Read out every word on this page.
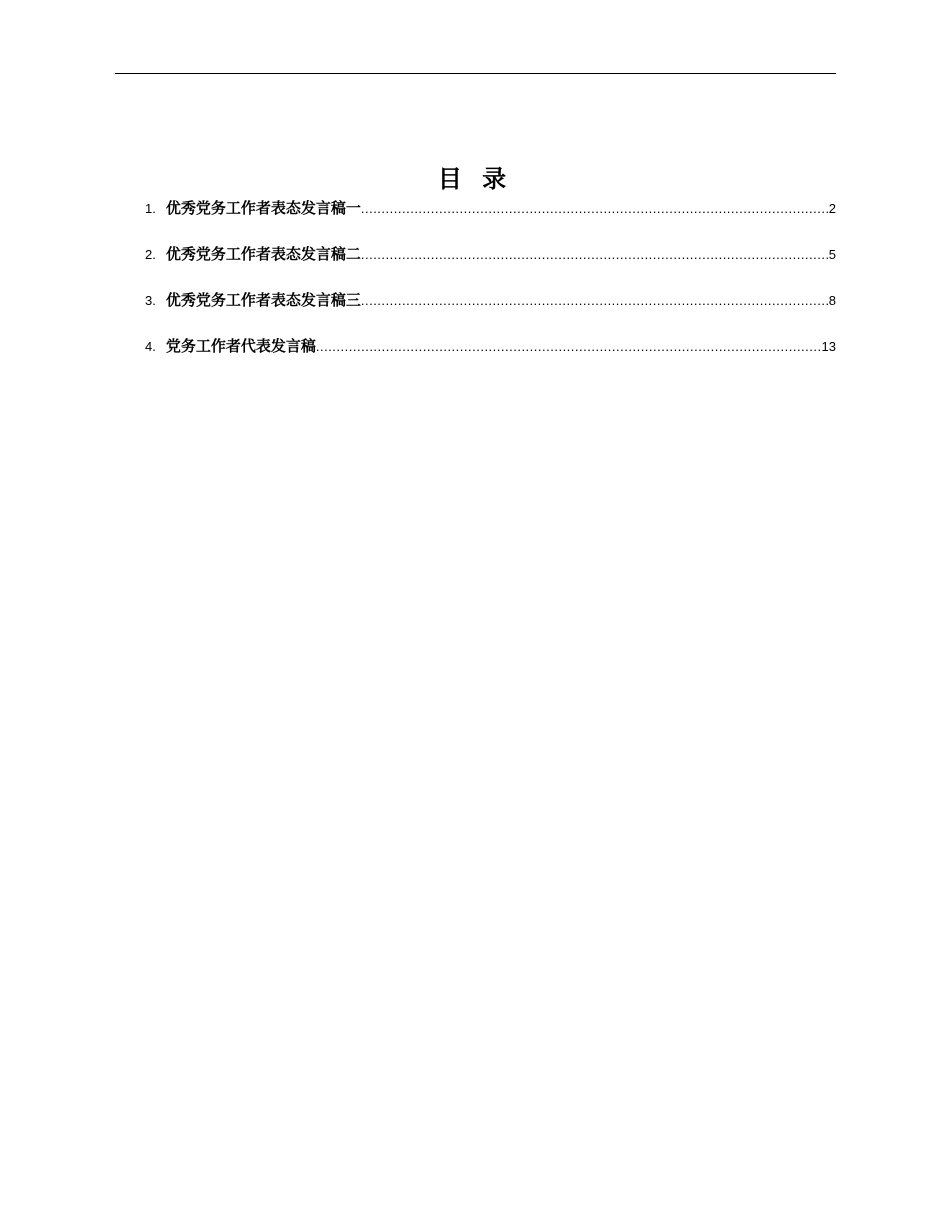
目 录
1. 优秀党务工作者表态发言稿一 .....	2
2. 优秀党务工作者表态发言稿二 .....	5
3. 优秀党务工作者表态发言稿三 .....	8
4. 党务工作者代表发言稿 .....	13
